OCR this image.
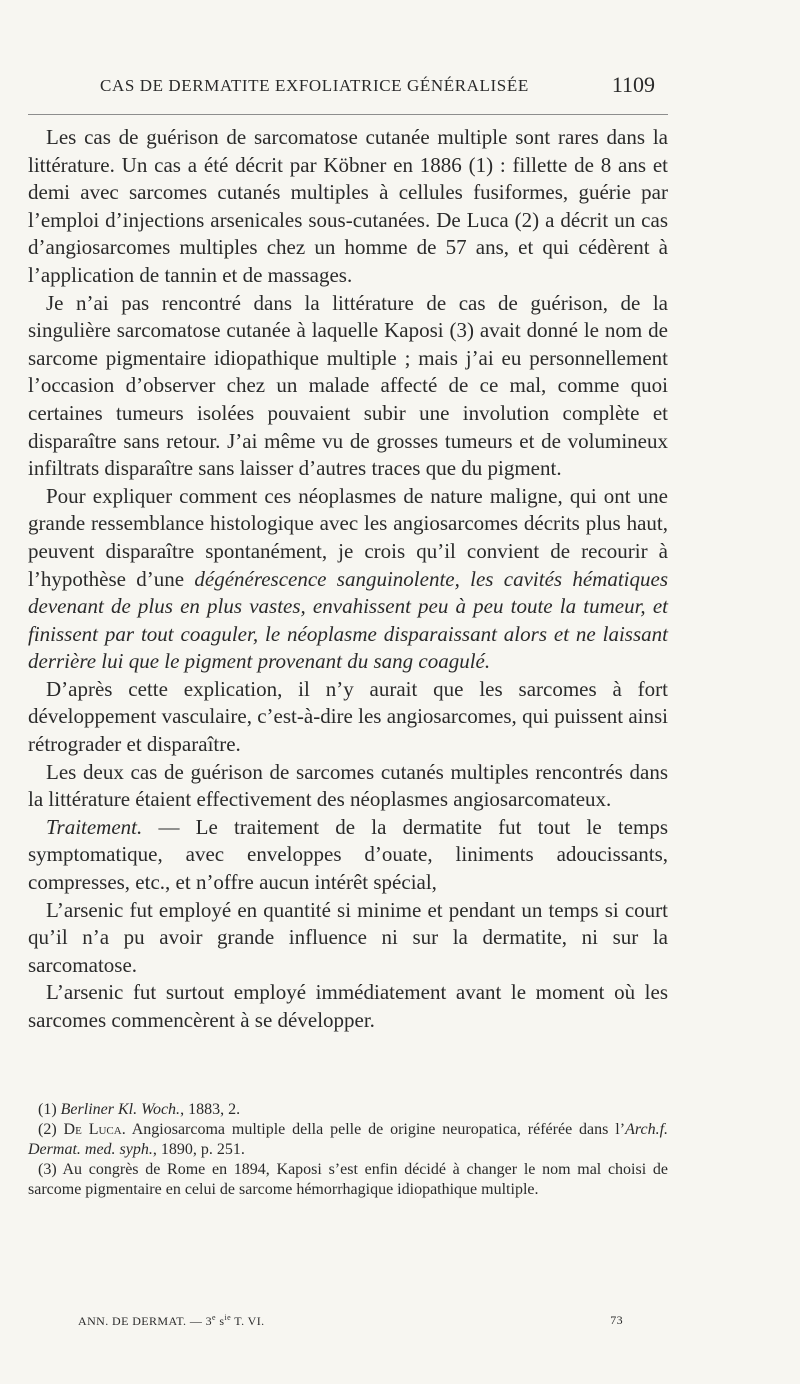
CAS DE DERMATITE EXFOLIATRICE GÉNÉRALISÉE	1109

Les cas de guérison de sarcomatose cutanée multiple sont rares dans la littérature. Un cas a été décrit par Köbner en 1886 (1) : fillette de 8 ans et demi avec sarcomes cutanés multiples à cellules fusiformes, guérie par l’emploi d’injections arsenicales sous-cutanées. De Luca (2) a décrit un cas d’angiosarcomes multiples chez un homme de 57 ans, et qui cédèrent à l’application de tannin et de massages.

Je n’ai pas rencontré dans la littérature de cas de guérison, de la singulière sarcomatose cutanée à laquelle Kaposi (3) avait donné le nom de sarcome pigmentaire idiopathique multiple ; mais j’ai eu personnellement l’occasion d’observer chez un malade affecté de ce mal, comme quoi certaines tumeurs isolées pouvaient subir une involution complète et disparaître sans retour. J’ai même vu de grosses tumeurs et de volumineux infiltrats disparaître sans laisser d’autres traces que du pigment.

Pour expliquer comment ces néoplasmes de nature maligne, qui ont une grande ressemblance histologique avec les angiosarcomes décrits plus haut, peuvent disparaître spontanément, je crois qu’il convient de recourir à l’hypothèse d’une dégénérescence sanguinolente, les cavités hématiques devenant de plus en plus vastes, envahissent peu à peu toute la tumeur, et finissent par tout coaguler, le néoplasme disparaissant alors et ne laissant derrière lui que le pigment provenant du sang coagulé.

D’après cette explication, il n’y aurait que les sarcomes à fort développement vasculaire, c’est-à-dire les angiosarcomes, qui puissent ainsi rétrograder et disparaître.

Les deux cas de guérison de sarcomes cutanés multiples rencontrés dans la littérature étaient effectivement des néoplasmes angiosarcomateux.

Traitement. — Le traitement de la dermatite fut tout le temps symptomatique, avec enveloppes d’ouate, liniments adoucissants, compresses, etc., et n’offre aucun intérêt spécial,

L’arsenic fut employé en quantité si minime et pendant un temps si court qu’il n’a pu avoir grande influence ni sur la dermatite, ni sur la sarcomatose.

L’arsenic fut surtout employé immédiatement avant le moment où les sarcomes commencèrent à se développer.

(1) Berliner Kl. Woch., 1883, 2.

(2) De Luca. Angiosarcoma multiple della pelle de origine neuropatica, référée dans l’Arch.f. Dermat. med. syph., 1890, p. 251.

(3) Au congrès de Rome en 1894, Kaposi s’est enfin décidé à changer le nom mal choisi de sarcome pigmentaire en celui de sarcome hémorrhagique idiopathique multiple.

ANN. DE DERMAT. — 3e $s^{ie}$ T. VI.	73
